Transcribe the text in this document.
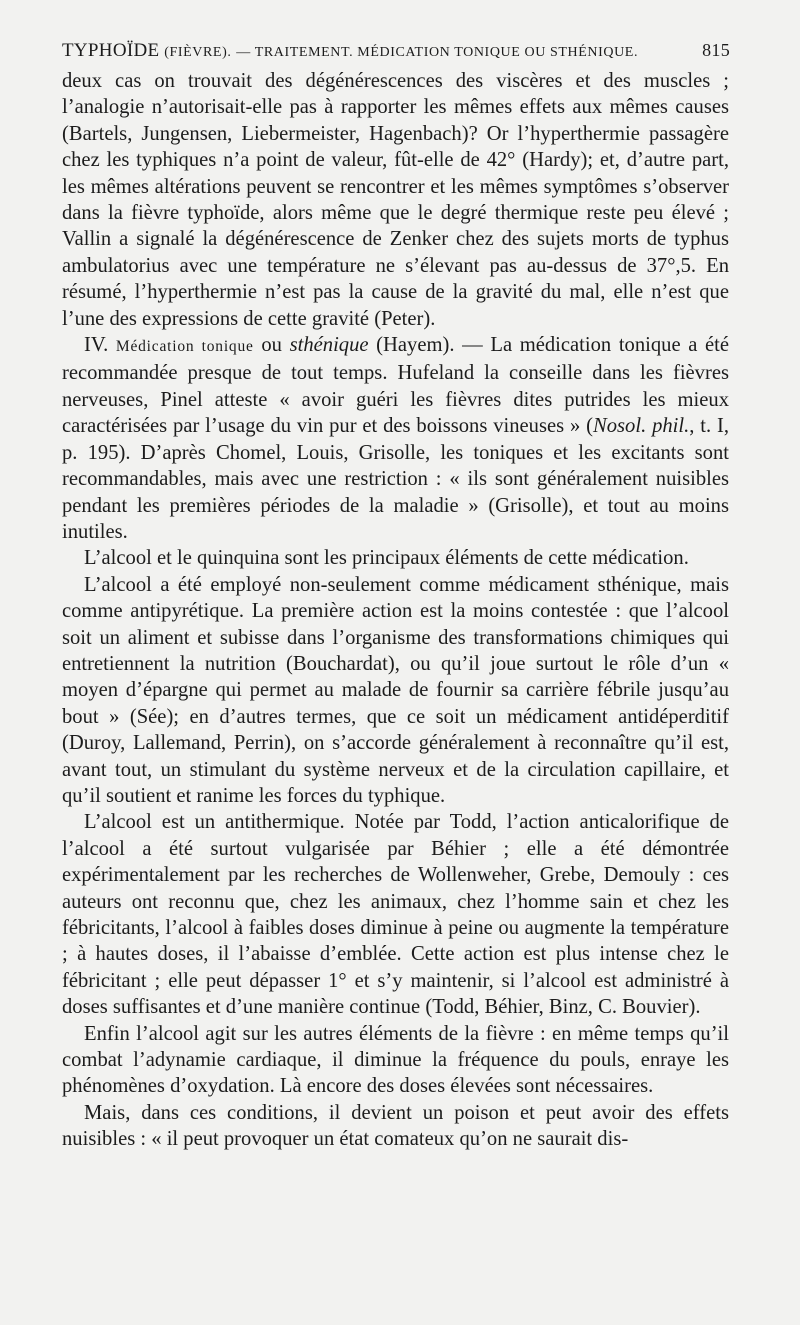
TYPHOÏDE (FIÈVRE). — TRAITEMENT. MÉDICATION TONIQUE OU STHÉNIQUE.	815

deux cas on trouvait des dégénérescences des viscères et des muscles ; l’analogie n’autorisait-elle pas à rapporter les mêmes effets aux mêmes causes (Bartels, Jungensen, Liebermeister, Hagenbach)? Or l’hyperthermie passagère chez les typhiques n’a point de valeur, fût-elle de 42° (Hardy); et, d’autre part, les mêmes altérations peuvent se rencontrer et les mêmes symptômes s’observer dans la fièvre typhoïde, alors même que le degré thermique reste peu élevé ; Vallin a signalé la dégénérescence de Zenker chez des sujets morts de typhus ambulatorius avec une température ne s’élevant pas au-dessus de 37°,5. En résumé, l’hyperthermie n’est pas la cause de la gravité du mal, elle n’est que l’une des expressions de cette gravité (Peter).

IV. Médication tonique ou sthénique (Hayem). — La médication tonique a été recommandée presque de tout temps. Hufeland la conseille dans les fièvres nerveuses, Pinel atteste « avoir guéri les fièvres dites putrides les mieux caractérisées par l’usage du vin pur et des boissons vineuses » (Nosol. phil., t. I, p. 195). D’après Chomel, Louis, Grisolle, les toniques et les excitants sont recommandables, mais avec une restriction : « ils sont généralement nuisibles pendant les premières périodes de la maladie » (Grisolle), et tout au moins inutiles.

L’alcool et le quinquina sont les principaux éléments de cette médication.

L’alcool a été employé non-seulement comme médicament sthénique, mais comme antipyrétique. La première action est la moins contestée : que l’alcool soit un aliment et subisse dans l’organisme des transformations chimiques qui entretiennent la nutrition (Bouchardat), ou qu’il joue surtout le rôle d’un « moyen d’épargne qui permet au malade de fournir sa carrière fébrile jusqu’au bout » (Sée); en d’autres termes, que ce soit un médicament antidéperditif (Duroy, Lallemand, Perrin), on s’accorde généralement à reconnaître qu’il est, avant tout, un stimulant du système nerveux et de la circulation capillaire, et qu’il soutient et ranime les forces du typhique.

L’alcool est un antithermique. Notée par Todd, l’action anticalorifique de l’alcool a été surtout vulgarisée par Béhier ; elle a été démontrée expérimentalement par les recherches de Wollenweher, Grebe, Demouly : ces auteurs ont reconnu que, chez les animaux, chez l’homme sain et chez les fébricitants, l’alcool à faibles doses diminue à peine ou augmente la température ; à hautes doses, il l’abaisse d’emblée. Cette action est plus intense chez le fébricitant ; elle peut dépasser 1° et s’y maintenir, si l’alcool est administré à doses suffisantes et d’une manière continue (Todd, Béhier, Binz, C. Bouvier).

Enfin l’alcool agit sur les autres éléments de la fièvre : en même temps qu’il combat l’adynamie cardiaque, il diminue la fréquence du pouls, enraye les phénomènes d’oxydation. Là encore des doses élevées sont nécessaires.

Mais, dans ces conditions, il devient un poison et peut avoir des effets nuisibles : « il peut provoquer un état comateux qu’on ne saurait dis-
